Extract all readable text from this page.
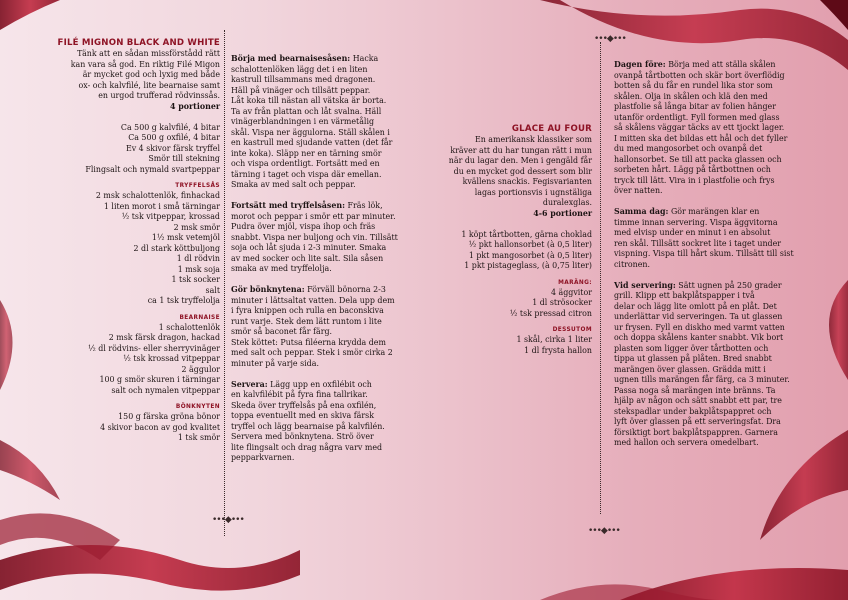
•••◆•••
•••◆•••
•••◆•••
FILÉ MIGNON BLACK AND WHITE
Tänk att en sådan missförstådd rätt
kan vara så god. En riktig Filé Migon
är mycket god och lyxig med både
ox- och kalvfilé, lite bearnaise samt
en urgod trufferad rödvinssås.
4 portioner
Ca 500 g kalvfilé, 4 bitar
Ca 500 g oxfilé, 4 bitar
Ev 4 skivor färsk tryffel
Smör till stekning
Flingsalt och nymald svartpeppar
TRYFFELSÅS
2 msk schalottenlök, finhackad
1 liten morot i små tärningar
½ tsk vitpeppar, krossad
2 msk smör
1½ msk vetemjöl
2 dl stark köttbuljong
1 dl rödvin
1 msk soja
1 tsk socker
salt
ca 1 tsk tryffelolja
BEARNAISE
1 schalottenlök
2 msk färsk dragon, hackad
½ dl rödvins- eller sherryvinäger
½ tsk krossad vitpeppar
2 äggulor
100 g smör skuren i tärningar
salt och nymalen vitpeppar
BÖNKNYTEN
150 g färska gröna bönor
4 skivor bacon av god kvalitet
1 tsk smör
Börja med bearnaisesåsen: Hacka
schalottenlöken lägg det i en liten
kastrull tillsammans med dragonen.
Häll på vinäger och tillsätt peppar.
Låt koka till nästan all vätska är borta.
Ta av från plattan och låt svalna. Häll
vinägerblandningen i en värmetålig
skål. Vispa ner äggulorna. Ställ skålen i
en kastrull med sjudande vatten (det får
inte koka). Släpp ner en tärning smör
och vispa ordentligt. Fortsätt med en
tärning i taget och vispa där emellan.
Smaka av med salt och peppar.
Fortsätt med tryffelsåsen: Fräs lök,
morot och peppar i smör ett par minuter.
Pudra över mjöl, vispa ihop och fräs
snabbt. Vispa ner buljong och vin. Tillsätt
soja och låt sjuda i 2-3 minuter. Smaka
av med socker och lite salt. Sila såsen
smaka av med tryffelolja.
Gör bönknytena: Förväll bönorna 2-3
minuter i lättsaltat vatten. Dela upp dem
i fyra knippen och rulla en baconskiva
runt varje. Stek dem lätt runtom i lite
smör så baconet får färg.
Stek köttet: Putsa filéerna krydda dem
med salt och peppar. Stek i smör cirka 2
minuter på varje sida.
Servera: Lägg upp en oxfilébit och
en kalvfilébit på fyra fina tallrikar.
Skeda över tryffelsås på ena oxfilén,
toppa eventuellt med en skiva färsk
tryffel och lägg bearnaise på kalvfilén.
Servera med bönknytena. Strö över
lite flingsalt och drag några varv med
pepparkvarnen.
GLACE AU FOUR
En amerikansk klassiker som
kräver att du har tungan rätt i mun
när du lagar den. Men i gengäld får
du en mycket god dessert som blir
kvällens snackis. Fegisvarianten
lagas portionsvis i ugnstäliga
duralexglas.
4-6 portioner
1 köpt tårtbotten, gärna choklad
½ pkt hallonsorbet (à 0,5 liter)
1 pkt mangosorbet (à 0,5 liter)
1 pkt pistageglass, (à 0,75 liter)
MARÄNG:
4 äggvitor
1 dl strösocker
½ tsk pressad citron
DESSUTOM
1 skål, cirka 1 liter
1 dl frysta hallon
Dagen före: Börja med att ställa skålen
ovanpå tårtbotten och skär bort överflödig
botten så du får en rundel lika stor som
skålen. Olja in skålen och klä den med
plastfolie så långa bitar av folien hänger
utanför ordentligt. Fyll formen med glass
så skålens väggar täcks av ett tjockt lager.
I mitten ska det bildas ett hål och det fyller
du med mangosorbet och ovanpå det
hallonsorbet. Se till att packa glassen och
sorbeten hårt. Lägg på tårtbottnen och
tryck till lätt. Vira in i plastfolie och frys
över natten.
Samma dag: Gör marängen klar en
timme innan servering. Vispa äggvitorna
med elvisp under en minut i en absolut
ren skål. Tillsätt sockret lite i taget under
vispning. Vispa till hårt skum. Tillsätt till sist
citronen.
Vid servering: Sätt ugnen på 250 grader
grill. Klipp ett bakplåtspapper i två
delar och lägg lite omlott på en plåt. Det
underlättar vid serveringen. Ta ut glassen
ur frysen. Fyll en diskho med varmt vatten
och doppa skålens kanter snabbt. Vik bort
plasten som ligger över tårtbotten och
tippa ut glassen på plåten. Bred snabbt
marängen över glassen. Grädda mitt i
ugnen tills marängen får färg, ca 3 minuter.
Passa noga så marängen inte bränns. Ta
hjälp av någon och sätt snabbt ett par, tre
stekspadlar under bakplåtspappret och
lyft över glassen på ett serveringsfat. Dra
försiktigt bort bakplåtspappren. Garnera
med hallon och servera omedelbart.
